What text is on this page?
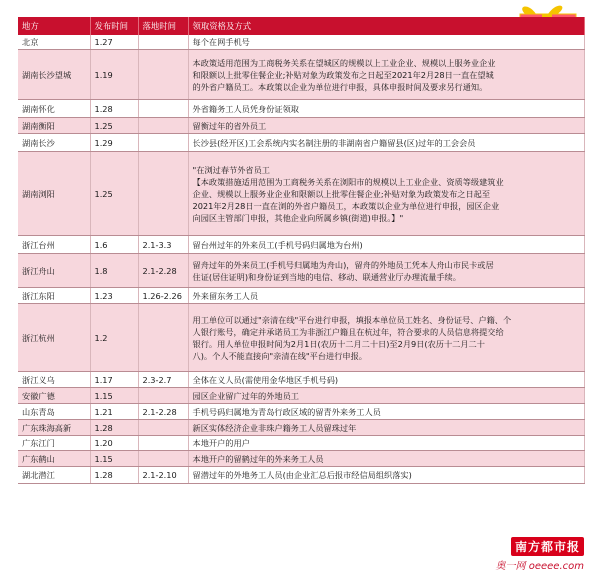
地方	发布时间	落地时间	领取资格及方式
北京	1.27		每个在网手机号
湖南长沙望城	1.19		本政策适用范围为工商税务关系在望城区的规模以上工业企业、规模以上服务业企业
和限额以上批零住餐企业;补贴对象为政策发布之日起至2021年2月28日一直在望城
的外省户籍员工。本政策以企业为单位进行申报，具体申报时间及要求另行通知。
湖南怀化	1.28		外省籍务工人员凭身份证领取
湖南衡阳	1.25		留衡过年的省外员工
湖南长沙	1.29		长沙县(经开区)工会系统内实名制注册的非湖南省户籍留县(区)过年的工会会员
湖南浏阳	1.25		"在浏过春节外省员工
【本政策措施适用范围为工商税务关系在浏阳市的规模以上工业企业、资质等级建筑业
企业、规模以上服务业企业和限额以上批零住餐企业;补贴对象为政策发布之日起至
2021年2月28日一直在浏的外省户籍员工，本政策以企业为单位进行申报，园区企业
向园区主管部门申报，其他企业向所属乡镇(街道)申报。】"
浙江台州	1.6	2.1-3.3	留台州过年的外来员工(手机号码归属地为台州)
浙江舟山	1.8	2.1-2.28	留舟过年的外来员工(手机号归属地为舟山)，留舟的外地员工凭本人舟山市民卡或居
住证(居住证明)和身份证到当地的电信、移动、联通营业厅办理流量手续。
浙江东阳	1.23	1.26-2.26	外来留东务工人员
浙江杭州	1.2		用工单位可以通过"亲清在线"平台进行申报，填报本单位员工姓名、身份证号、户籍、个
人银行账号，确定并承诺员工为非浙江户籍且在杭过年，符合要求的人员信息将提交给
银行。用人单位申报时间为2月1日(农历十二月二十日)至2月9日(农历十二月二十
八)。个人不能直接向"亲清在线"平台进行申报。
浙江义乌	1.17	2.3-2.7	全体在义人员(需使用金华地区手机号码)
安徽广德	1.15		园区企业留广过年的外地员工
山东青岛	1.21	2.1-2.28	手机号码归属地为青岛行政区域的留青外来务工人员
广东珠海高新	1.28		新区实体经济企业非珠户籍务工人员留珠过年
广东江门	1.20		本地开户的用户
广东鹤山	1.15		本地开户的留鹤过年的外来务工人员
湖北潜江	1.28	2.1-2.10	留潜过年的外地务工人员(由企业汇总后报市经信局组织落实)
南方都市报
奥一网 oeeee.com
